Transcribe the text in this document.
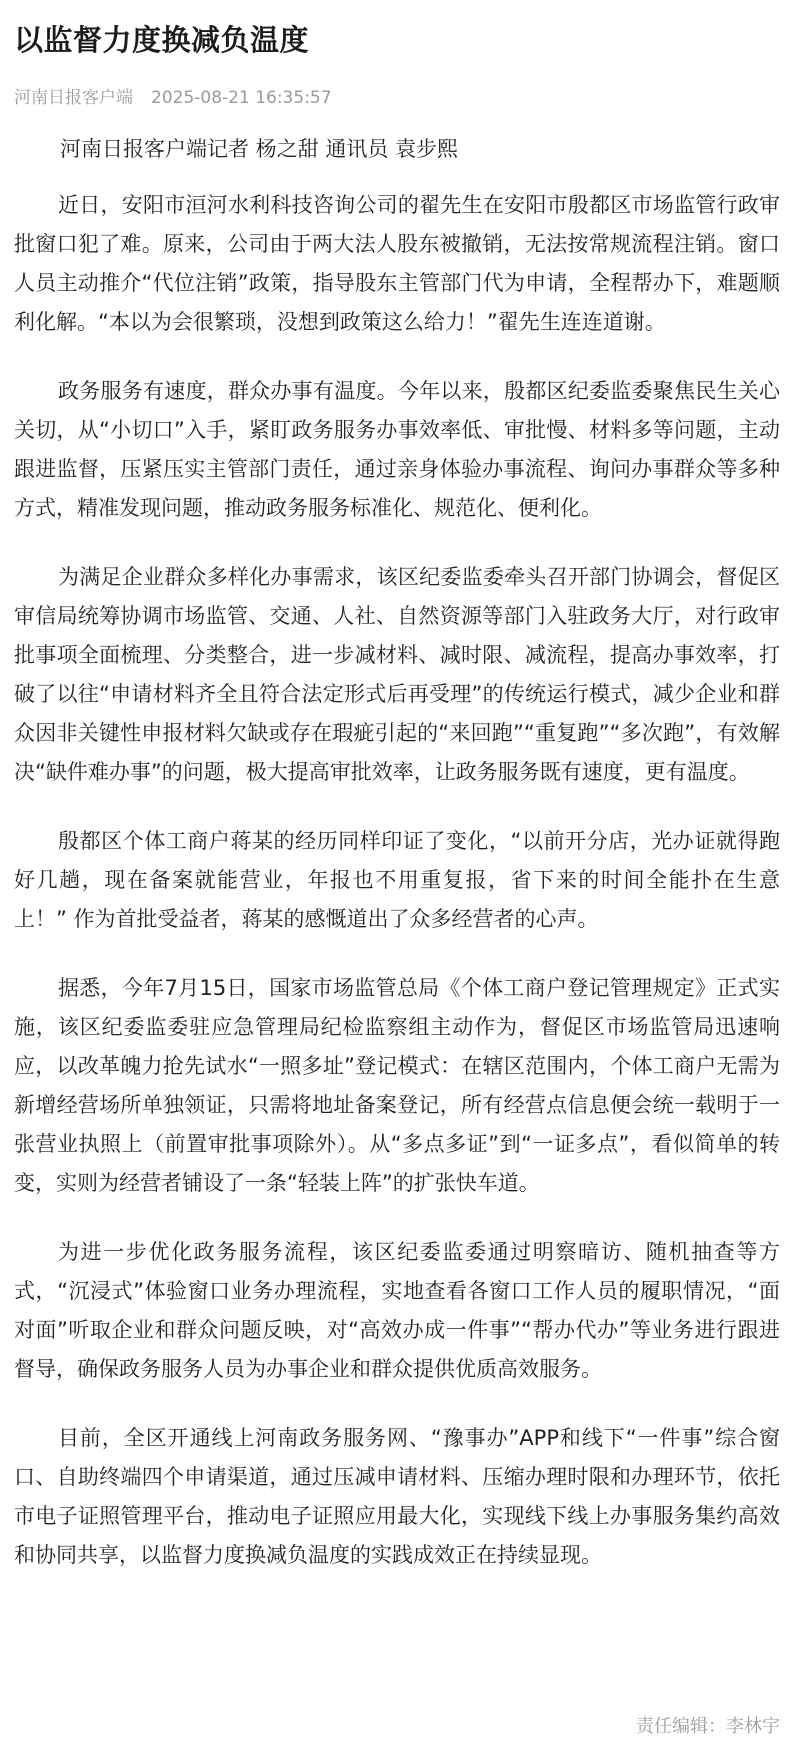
以监督力度换减负温度
河南日报客户端 2025-08-21 16:35:57
河南日报客户端记者 杨之甜 通讯员 袁步熙

近日，安阳市洹河水利科技咨询公司的翟先生在安阳市殷都区市场监管行政审批窗口犯了难。原来，公司由于两大法人股东被撤销，无法按常规流程注销。窗口人员主动推介“代位注销”政策，指导股东主管部门代为申请，全程帮办下，难题顺利化解。“本以为会很繁琐，没想到政策这么给力！”翟先生连连道谢。

政务服务有速度，群众办事有温度。今年以来，殷都区纪委监委聚焦民生关心关切，从“小切口”入手，紧盯政务服务办事效率低、审批慢、材料多等问题，主动跟进监督，压紧压实主管部门责任，通过亲身体验办事流程、询问办事群众等多种方式，精准发现问题，推动政务服务标准化、规范化、便利化。

为满足企业群众多样化办事需求，该区纪委监委牵头召开部门协调会，督促区审信局统筹协调市场监管、交通、人社、自然资源等部门入驻政务大厅，对行政审批事项全面梳理、分类整合，进一步减材料、减时限、减流程，提高办事效率，打破了以往“申请材料齐全且符合法定形式后再受理”的传统运行模式，减少企业和群众因非关键性申报材料欠缺或存在瑕疵引起的“来回跑”“重复跑”“多次跑”，有效解决“缺件难办事”的问题，极大提高审批效率，让政务服务既有速度，更有温度。

殷都区个体工商户蒋某的经历同样印证了变化，“以前开分店，光办证就得跑好几趟，现在备案就能营业，年报也不用重复报，省下来的时间全能扑在生意上！” 作为首批受益者，蒋某的感慨道出了众多经营者的心声。

据悉，今年7月15日，国家市场监管总局《个体工商户登记管理规定》正式实施，该区纪委监委驻应急管理局纪检监察组主动作为，督促区市场监管局迅速响应，以改革魄力抢先试水“一照多址”登记模式：在辖区范围内，个体工商户无需为新增经营场所单独领证，只需将地址备案登记，所有经营点信息便会统一载明于一张营业执照上（前置审批事项除外）。从“多点多证”到“一证多点”，看似简单的转变，实则为经营者铺设了一条“轻装上阵”的扩张快车道。

为进一步优化政务服务流程，该区纪委监委通过明察暗访、随机抽查等方式，“沉浸式”体验窗口业务办理流程，实地查看各窗口工作人员的履职情况，“面对面”听取企业和群众问题反映，对“高效办成一件事”“帮办代办”等业务进行跟进督导，确保政务服务人员为办事企业和群众提供优质高效服务。

目前，全区开通线上河南政务服务网、“豫事办”APP和线下“一件事”综合窗口、自助终端四个申请渠道，通过压减申请材料、压缩办理时限和办理环节，依托市电子证照管理平台，推动电子证照应用最大化，实现线下线上办事服务集约高效和协同共享，以监督力度换减负温度的实践成效正在持续显现。

责任编辑：李林宇
